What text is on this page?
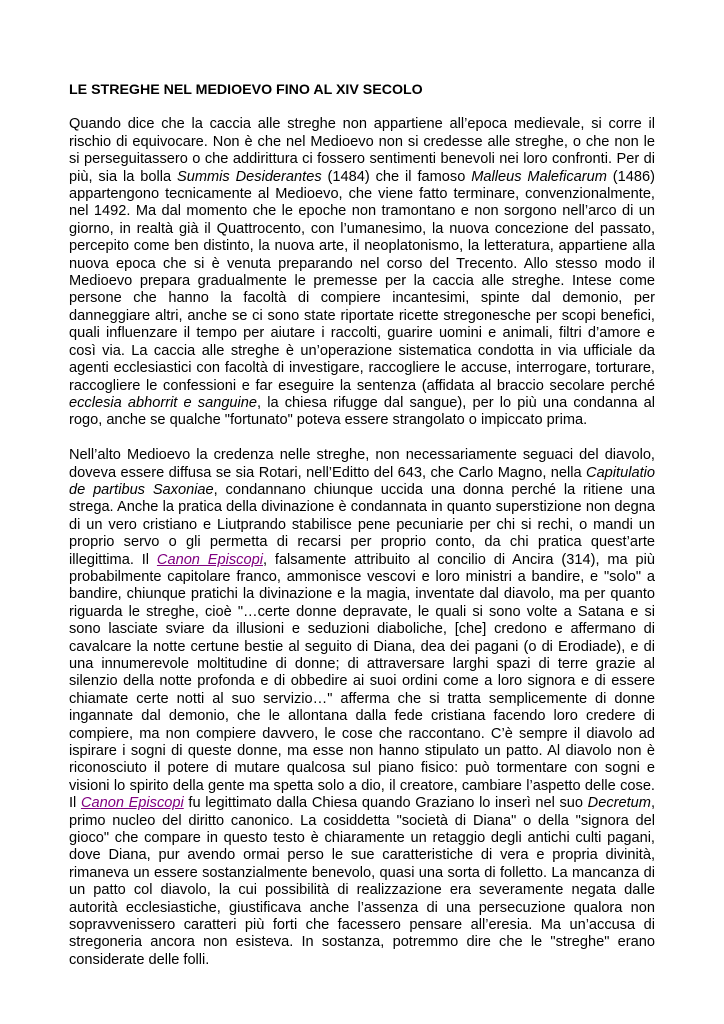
LE STREGHE NEL MEDIOEVO FINO AL XIV SECOLO

Quando dice che la caccia alle streghe non appartiene all’epoca medievale, si corre il rischio di equivocare. Non è che nel Medioevo non si credesse alle streghe, o che non le si perseguitassero o che addirittura ci fossero sentimenti benevoli nei loro confronti. Per di più, sia la bolla Summis Desiderantes (1484) che il famoso Malleus Maleficarum (1486) appartengono tecnicamente al Medioevo, che viene fatto terminare, convenzionalmente, nel 1492. Ma dal momento che le epoche non tramontano e non sorgono nell’arco di un giorno, in realtà già il Quattrocento, con l’umanesimo, la nuova concezione del passato, percepito come ben distinto, la nuova arte, il neoplatonismo, la letteratura, appartiene alla nuova epoca che si è venuta preparando nel corso del Trecento. Allo stesso modo il Medioevo prepara gradualmente le premesse per la caccia alle streghe. Intese come persone che hanno la facoltà di compiere incantesimi, spinte dal demonio, per danneggiare altri, anche se ci sono state riportate ricette stregonesche per scopi benefici, quali influenzare il tempo per aiutare i raccolti, guarire uomini e animali, filtri d’amore e così via. La caccia alle streghe è un’operazione sistematica condotta in via ufficiale da agenti ecclesiastici con facoltà di investigare, raccogliere le accuse, interrogare, torturare, raccogliere le confessioni e far eseguire la sentenza (affidata al braccio secolare perché ecclesia abhorrit e sanguine, la chiesa rifugge dal sangue), per lo più una condanna al rogo, anche se qualche "fortunato" poteva essere strangolato o impiccato prima.

Nell’alto Medioevo la credenza nelle streghe, non necessariamente seguaci del diavolo, doveva essere diffusa se sia Rotari, nell’Editto del 643, che Carlo Magno, nella Capitulatio de partibus Saxoniae, condannano chiunque uccida una donna perché la ritiene una strega. Anche la pratica della divinazione è condannata in quanto superstizione non degna di un vero cristiano e Liutprando stabilisce pene pecuniarie per chi si rechi, o mandi un proprio servo o gli permetta di recarsi per proprio conto, da chi pratica quest’arte illegittima. Il Canon Episcopi, falsamente attribuito al concilio di Ancira (314), ma più probabilmente capitolare franco, ammonisce vescovi e loro ministri a bandire, e "solo" a bandire, chiunque pratichi la divinazione e la magia, inventate dal diavolo, ma per quanto riguarda le streghe, cioè "…certe donne depravate, le quali si sono volte a Satana e si sono lasciate sviare da illusioni e seduzioni diaboliche, [che] credono e affermano di cavalcare la notte certune bestie al seguito di Diana, dea dei pagani (o di Erodiade), e di una innumerevole moltitudine di donne; di attraversare larghi spazi di terre grazie al silenzio della notte profonda e di obbedire ai suoi ordini come a loro signora e di essere chiamate certe notti al suo servizio…" afferma che si tratta semplicemente di donne ingannate dal demonio, che le allontana dalla fede cristiana facendo loro credere di compiere, ma non compiere davvero, le cose che raccontano. C’è sempre il diavolo ad ispirare i sogni di queste donne, ma esse non hanno stipulato un patto. Al diavolo non è riconosciuto il potere di mutare qualcosa sul piano fisico: può tormentare con sogni e visioni lo spirito della gente ma spetta solo a dio, il creatore, cambiare l’aspetto delle cose. Il Canon Episcopi fu legittimato dalla Chiesa quando Graziano lo inserì nel suo Decretum, primo nucleo del diritto canonico. La cosiddetta "società di Diana" o della "signora del gioco" che compare in questo testo è chiaramente un retaggio degli antichi culti pagani, dove Diana, pur avendo ormai perso le sue caratteristiche di vera e propria divinità, rimaneva un essere sostanzialmente benevolo, quasi una sorta di folletto. La mancanza di un patto col diavolo, la cui possibilità di realizzazione era severamente negata dalle autorità ecclesiastiche, giustificava anche l’assenza di una persecuzione qualora non sopravvenissero caratteri più forti che facessero pensare all’eresia. Ma un’accusa di stregoneria ancora non esisteva. In sostanza, potremmo dire che le "streghe" erano considerate delle folli.
